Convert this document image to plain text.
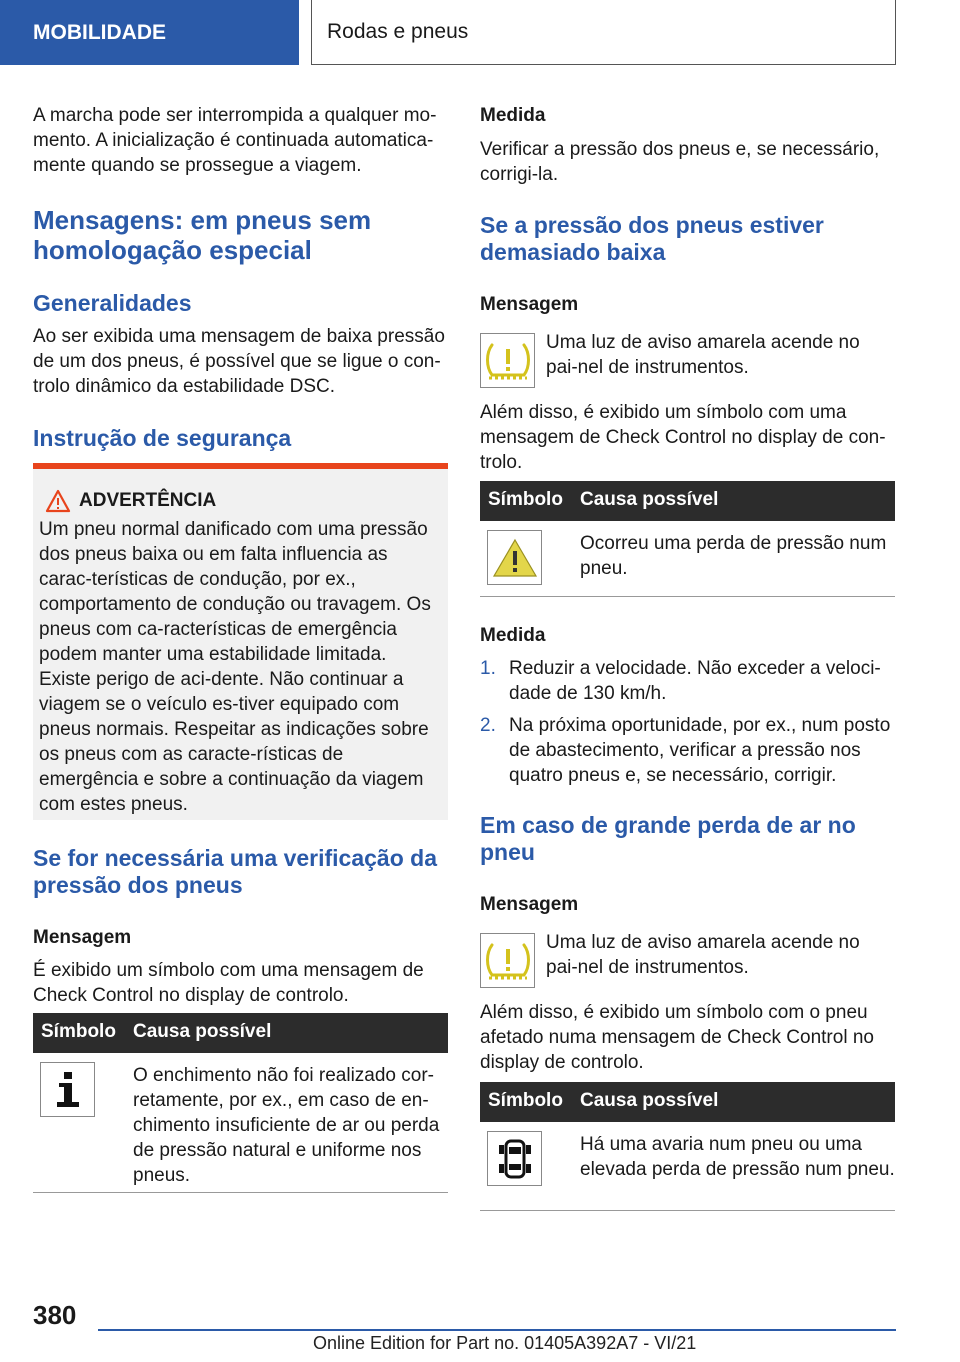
MOBILIDADE	Rodas e pneus

A marcha pode ser interrompida a qualquer mo-mento. A inicialização é continuada automatica-mente quando se prossegue a viagem.

Mensagens: em pneus sem homologação especial
Generalidades

Ao ser exibida uma mensagem de baixa pressão de um dos pneus, é possível que se ligue o con-trolo dinâmico da estabilidade DSC.

Instrução de segurança
ADVERTÊNCIA

Um pneu normal danificado com uma pressão dos pneus baixa ou em falta influencia as carac-terísticas de condução, por ex., comportamento de condução ou travagem. Os pneus com ca-racterísticas de emergência podem manter uma estabilidade limitada. Existe perigo de aci-dente. Não continuar a viagem se o veículo es-tiver equipado com pneus normais. Respeitar as indicações sobre os pneus com as caracte-rísticas de emergência e sobre a continuação da viagem com estes pneus.

Se for necessária uma verificação da pressão dos pneus
Mensagem

É exibido um símbolo com uma mensagem de Check Control no display de controlo.

Símbolo Causa possível

O enchimento não foi realizado cor-retamente, por ex., em caso de en-chimento insuficiente de ar ou perda de pressão natural e uniforme nos pneus.

Medida

Verificar a pressão dos pneus e, se necessário, corrigi-la.

Se a pressão dos pneus estiver demasiado baixa
Mensagem

Uma luz de aviso amarela acende no pai-nel de instrumentos.

Além disso, é exibido um símbolo com uma mensagem de Check Control no display de con-trolo.

Símbolo Causa possível

Ocorreu uma perda de pressão num pneu.

Medida
1. Reduzir a velocidade. Não exceder a veloci-dade de 130 km/h.
2. Na próxima oportunidade, por ex., num posto de abastecimento, verificar a pressão nos quatro pneus e, se necessário, corrigir.
Em caso de grande perda de ar no pneu
Mensagem

Uma luz de aviso amarela acende no pai-nel de instrumentos.

Além disso, é exibido um símbolo com o pneu afetado numa mensagem de Check Control no display de controlo.

Símbolo Causa possível

Há uma avaria num pneu ou uma elevada perda de pressão num pneu.

380
Online Edition for Part no. 01405A392A7 - VI/21
